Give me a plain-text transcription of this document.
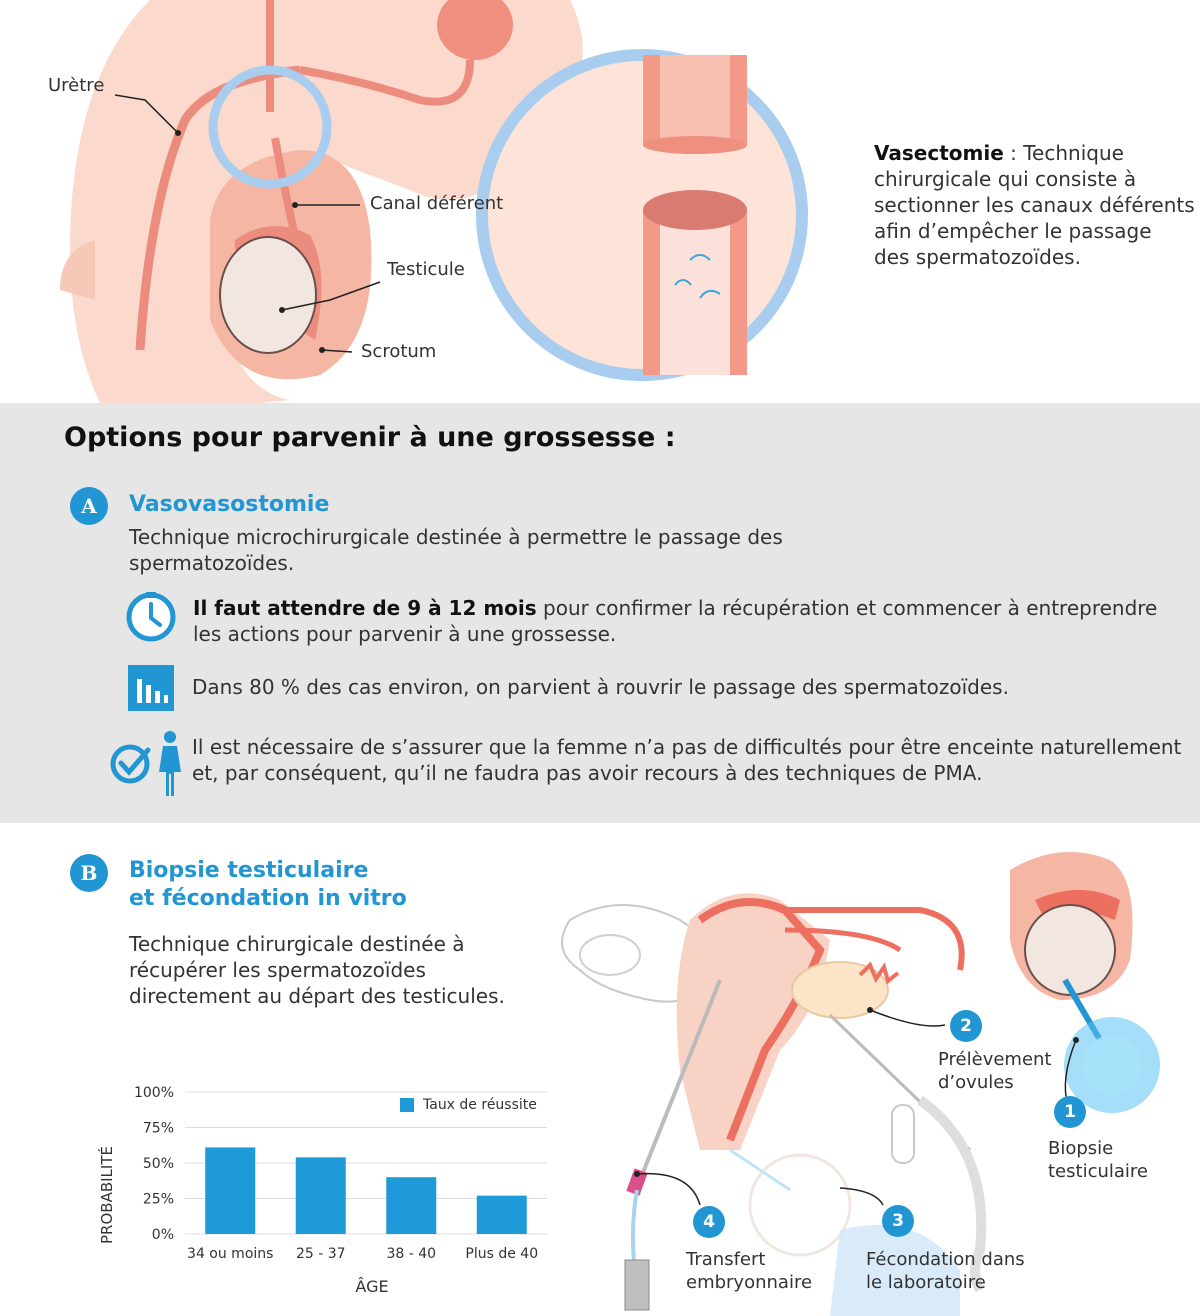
Urètre
Canal déférent
Testicule
Scrotum
Vasectomie : Technique
chirurgicale qui consiste à
sectionner les canaux déférents
afin d’empêcher le passage
des spermatozoïdes.
Options pour parvenir à une grossesse :
A	Vasovasostomie
Technique microchirurgicale destinée à permettre le passage des
spermatozoïdes.
Il faut attendre de 9 à 12 mois pour confirmer la récupération et commencer à entreprendre
les actions pour parvenir à une grossesse.
Dans 80 % des cas environ, on parvient à rouvrir le passage des spermatozoïdes.
Il est nécessaire de s’assurer que la femme n’a pas de difficultés pour être enceinte naturellement
et, par conséquent, qu’il ne faudra pas avoir recours à des techniques de PMA.
B	Biopsie testiculaire
et fécondation in vitro
Technique chirurgicale destinée à
récupérer les spermatozoïdes
directement au départ des testicules.
100%
75%
50%
25%
0%
34 ou moins 25 - 37	38 - 40 Plus de 40
Taux de réussite
PROBABILITÉ
ÂGE
1
Biopsie
testiculaire
2
Prélèvement
d’ovules
3
Fécondation dans
le laboratoire
4
Transfert
embryonnaire
